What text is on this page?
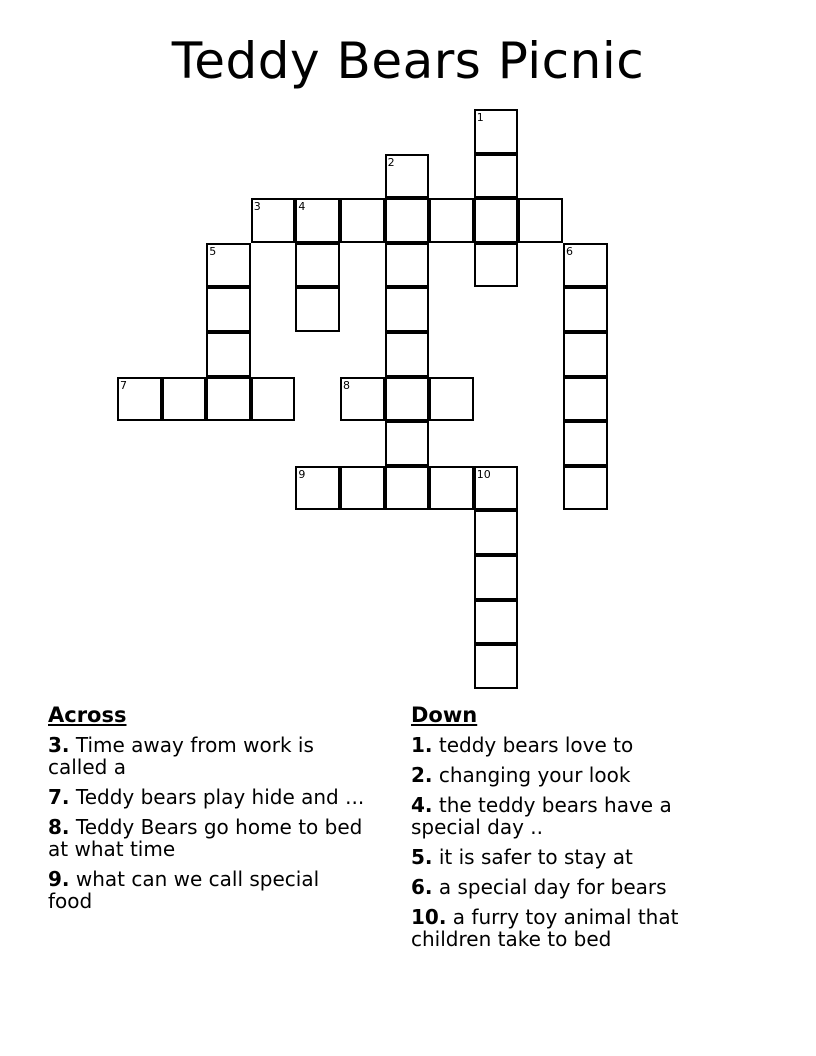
Teddy Bears Picnic
1
2
3	4
5	6
7	8
9	10
Across
3. Time away from work is called a
7. Teddy bears play hide and ...
8. Teddy Bears go home to bed at what time
9. what can we call special food
Down
1. teddy bears love to
2. changing your look
4. the teddy bears have a special day ..
5. it is safer to stay at
6. a special day for bears
10. a furry toy animal that children take to bed
